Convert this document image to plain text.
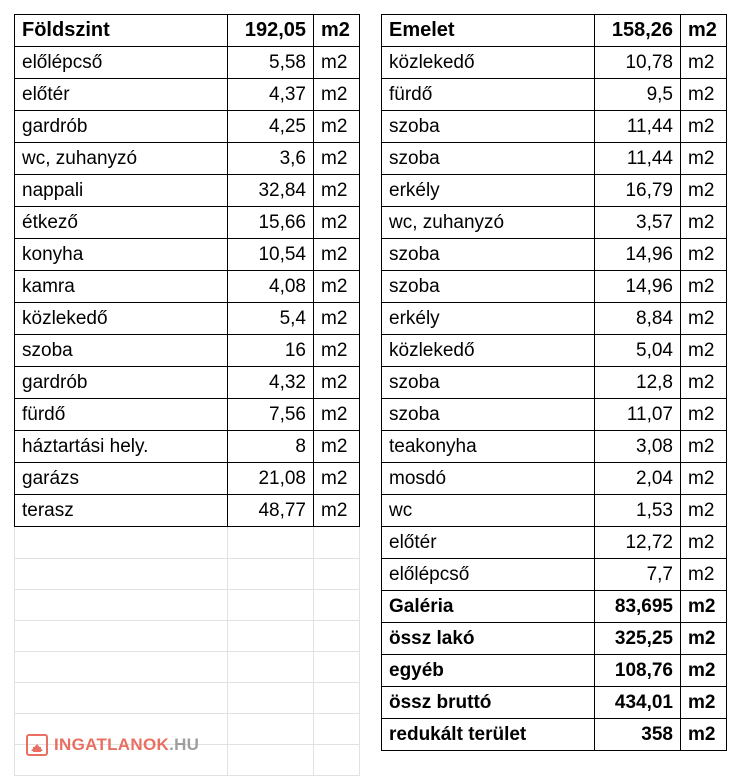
Földszint	192,05	m2
előlépcső	5,58	m2
előtér	4,37	m2
gardrób	4,25	m2
wc, zuhanyzó	3,6	m2
nappali	32,84	m2
étkező	15,66	m2
konyha	10,54	m2
kamra	4,08	m2
közlekedő	5,4	m2
szoba	16	m2
gardrób	4,32	m2
fürdő	7,56	m2
háztartási hely.	8	m2
garázs	21,08	m2
terasz	48,77	m2

Emelet	158,26	m2
közlekedő	10,78	m2
fürdő	9,5	m2
szoba	11,44	m2
szoba	11,44	m2
erkély	16,79	m2
wc, zuhanyzó	3,57	m2
szoba	14,96	m2
szoba	14,96	m2
erkély	8,84	m2
közlekedő	5,04	m2
szoba	12,8	m2
szoba	11,07	m2
teakonyha	3,08	m2
mosdó	2,04	m2
wc	1,53	m2
előtér	12,72	m2
előlépcső	7,7	m2
Galéria	83,695	m2
össz lakó	325,25	m2
egyéb	108,76	m2
össz bruttó	434,01	m2
redukált terület	358	m2
INGATLANOK.HU
